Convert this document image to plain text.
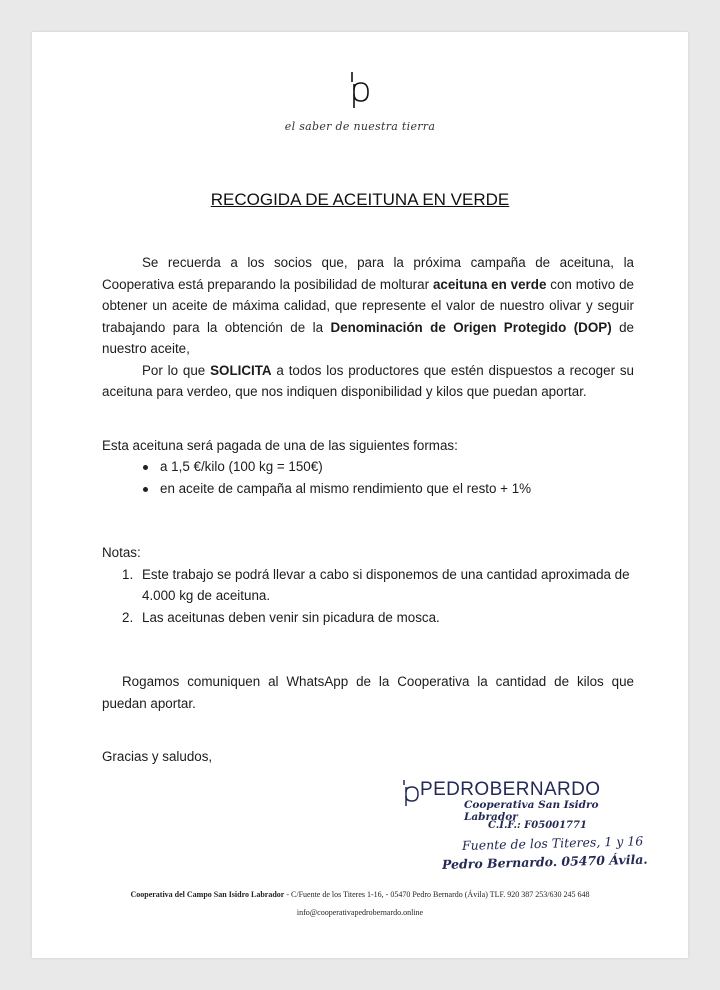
el saber de nuestra tierra
RECOGIDA DE ACEITUNA EN VERDE

Se recuerda a los socios que, para la próxima campaña de aceituna, la Cooperativa está preparando la posibilidad de molturar aceituna en verde con motivo de obtener un aceite de máxima calidad, que represente el valor de nuestro olivar y seguir trabajando para la obtención de la Denominación de Origen Protegido (DOP) de nuestro aceite,

Por lo que SOLICITA a todos los productores que estén dispuestos a recoger su aceituna para verdeo, que nos indiquen disponibilidad y kilos que puedan aportar.

Esta aceituna será pagada de una de las siguientes formas:

a 1,5 €/kilo (100 kg = 150€)
en aceite de campaña al mismo rendimiento que el resto + 1%

Notas:

1. Este trabajo se podrá llevar a cabo si disponemos de una cantidad aproximada de 4.000 kg de aceituna.
2. Las aceitunas deben venir sin picadura de mosca.

Rogamos comuniquen al WhatsApp de la Cooperativa la cantidad de kilos que puedan aportar.

Gracias y saludos,

PEDROBERNARDO
Cooperativa San Isidro Labrador
C.I.F.: F05001771
Fuente de los Titeres, 1 y 16
Pedro Bernardo. 05470 Ávila.
Cooperativa del Campo San Isidro Labrador - C/Fuente de los Titeres 1-16, - 05470 Pedro Bernardo (Ávila) TLF. 920 387 253/630 245 648
info@cooperativapedrobernardo.online
